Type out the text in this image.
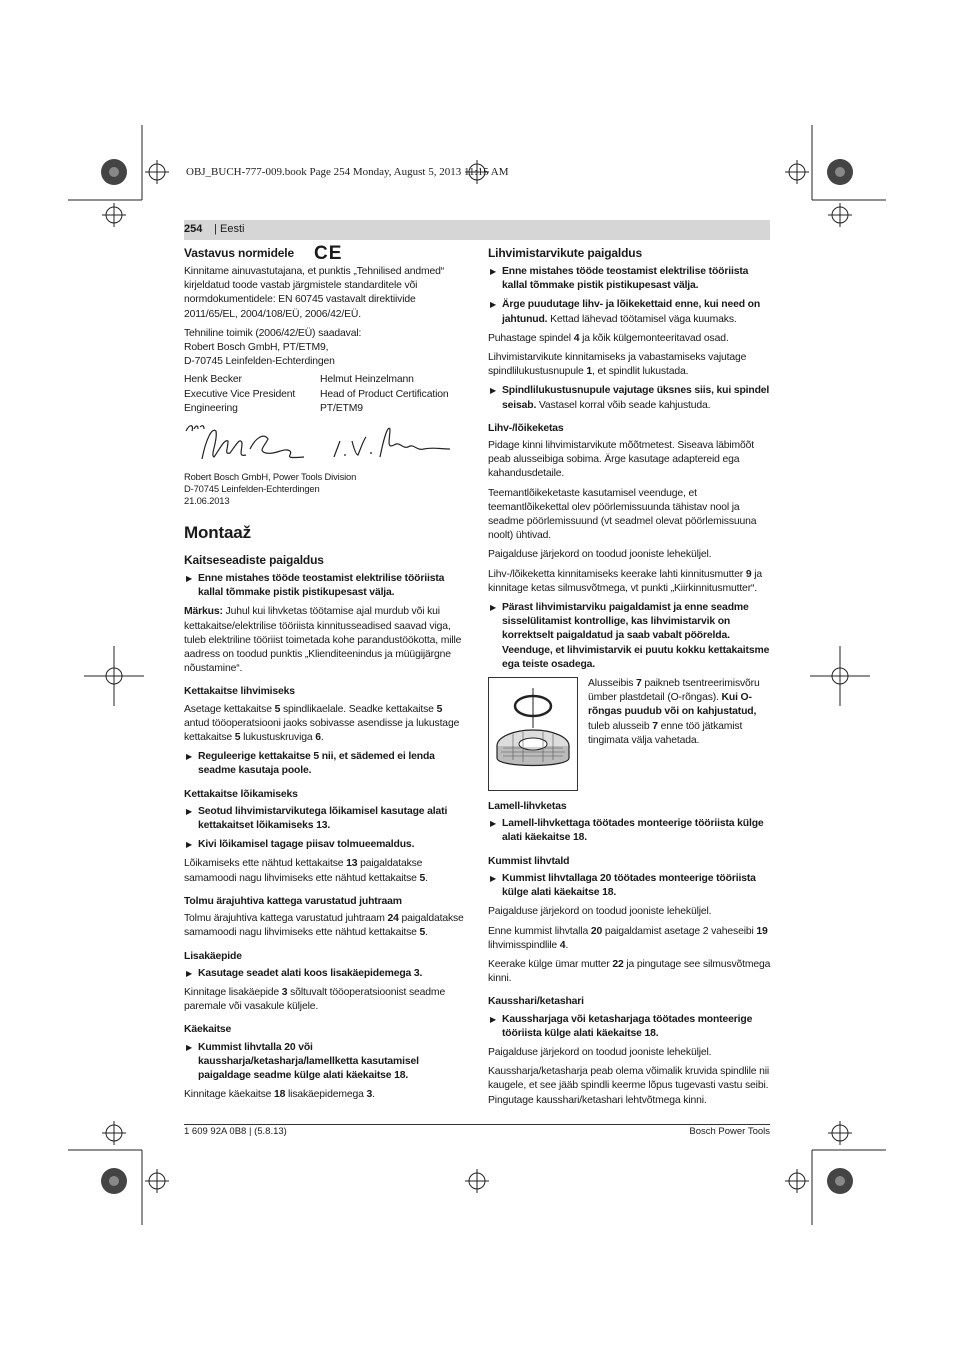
OBJ_BUCH-777-009.book Page 254 Monday, August 5, 2013 11:15 AM
254 | Eesti
Vastavus normidele CE

Kinnitame ainuvastutajana, et punktis „Tehnilised andmed“ kirjeldatud toode vastab järgmistele standarditele või normdokumentidele: EN 60745 vastavalt direktiivide 2011/65/EL, 2004/108/EÜ, 2006/42/EÜ.

Tehniline toimik (2006/42/EÜ) saadaval:
Robert Bosch GmbH, PT/ETM9,
D-70745 Leinfelden-Echterdingen

Henk Becker
Executive Vice President
Engineering
Helmut Heinzelmann
Head of Product Certification
PT/ETM9

Robert Bosch GmbH, Power Tools Division
D-70745 Leinfelden-Echterdingen
21.06.2013

Montaaž
Kaitseseadiste paigaldus
▶ Enne mistahes tööde teostamist elektrilise tööriista kallal tõmmake pistik pistikupesast välja.

Märkus: Juhul kui lihvketas töötamise ajal murdub või kui kettakaitse/elektrilise tööriista kinnitusseadised saavad viga, tuleb elektriline tööriist toimetada kohe parandustöökotta, mille aadress on toodud punktis „Klienditeenindus ja müügijärgne nõustamine“.

Kettakaitse lihvimiseks

Asetage kettakaitse 5 spindlikaelale. Seadke kettakaitse 5 antud tööoperatsiooni jaoks sobivasse asendisse ja lukustage kettakaitse 5 lukustuskruviga 6.

▶ Reguleerige kettakaitse 5 nii, et sädemed ei lenda seadme kasutaja poole.
Kettakaitse lõikamiseks
▶ Seotud lihvimistarvikutega lõikamisel kasutage alati kettakaitset lõikamiseks 13.
▶ Kivi lõikamisel tagage piisav tolmueemaldus.

Lõikamiseks ette nähtud kettakaitse 13 paigaldatakse samamoodi nagu lihvimiseks ette nähtud kettakaitse 5.

Tolmu ärajuhtiva kattega varustatud juhtraam

Tolmu ärajuhtiva kattega varustatud juhtraam 24 paigaldatakse samamoodi nagu lihvimiseks ette nähtud kettakaitse 5.

Lisakäepide
▶ Kasutage seadet alati koos lisakäepidemega 3.

Kinnitage lisakäepide 3 sõltuvalt tööoperatsioonist seadme paremale või vasakule küljele.

Käekaitse
▶ Kummist lihvtalla 20 või kaussharja/ketasharja/lamellketta kasutamisel paigaldage seadme külge alati käekaitse 18.

Kinnitage käekaitse 18 lisakäepidemega 3.

Lihvimistarvikute paigaldus
▶ Enne mistahes tööde teostamist elektrilise tööriista kallal tõmmake pistik pistikupesast välja.
▶ Ärge puudutage lihv- ja lõikekettaid enne, kui need on jahtunud. Kettad lähevad töötamisel väga kuumaks.

Puhastage spindel 4 ja kõik külgemonteeritavad osad.

Lihvimistarvikute kinnitamiseks ja vabastamiseks vajutage spindlilukustusnupule 1, et spindlit lukustada.

▶ Spindlilukustusnupule vajutage üksnes siis, kui spindel seisab. Vastasel korral võib seade kahjustuda.
Lihv-/lõikeketas

Pidage kinni lihvimistarvikute mõõtmetest. Siseava läbimõõt peab alusseibiga sobima. Ärge kasutage adaptereid ega kahandusdetaile.

Teemantlõikeketaste kasutamisel veenduge, et teemantlõikekettal olev pöörlemissuunda tähistav nool ja seadme pöörlemissuund (vt seadmel olevat pöörlemissuuna noolt) ühtivad.

Paigalduse järjekord on toodud jooniste leheküljel.

Lihv-/lõikeketta kinnitamiseks keerake lahti kinnitusmutter 9 ja kinnitage ketas silmusvõtmega, vt punkti „Kiirkinnitusmutter“.

▶ Pärast lihvimistarviku paigaldamist ja enne seadme sisselülitamist kontrollige, kas lihvimistarvik on korrektselt paigaldatud ja saab vabalt pöörelda. Veenduge, et lihvimistarvik ei puutu kokku kettakaitsme ega teiste osadega.
Alusseibis 7 paikneb tsentreerimisvõru ümber plastdetail (O-rõngas). Kui O-rõngas puudub või on kahjustatud, tuleb alusseib 7 enne töö jätkamist tingimata välja vahetada.
Lamell-lihvketas
▶ Lamell-lihvkettaga töötades monteerige tööriista külge alati käekaitse 18.
Kummist lihvtald
▶ Kummist lihvtallaga 20 töötades monteerige tööriista külge alati käekaitse 18.

Paigalduse järjekord on toodud jooniste leheküljel.

Enne kummist lihvtalla 20 paigaldamist asetage 2 vaheseibi 19 lihvimisspindlile 4.

Keerake külge ümar mutter 22 ja pingutage see silmusvõtmega kinni.

Kausshari/ketashari
▶ Kaussharjaga või ketasharjaga töötades monteerige tööriista külge alati käekaitse 18.

Paigalduse järjekord on toodud jooniste leheküljel.

Kaussharja/ketasharja peab olema võimalik kruvida spindlile nii kaugele, et see jääb spindli keerme lõpus tugevasti vastu seibi. Pingutage kausshari/ketashari lehtvõtmega kinni.

1 609 92A 0B8 | (5.8.13)	Bosch Power Tools
